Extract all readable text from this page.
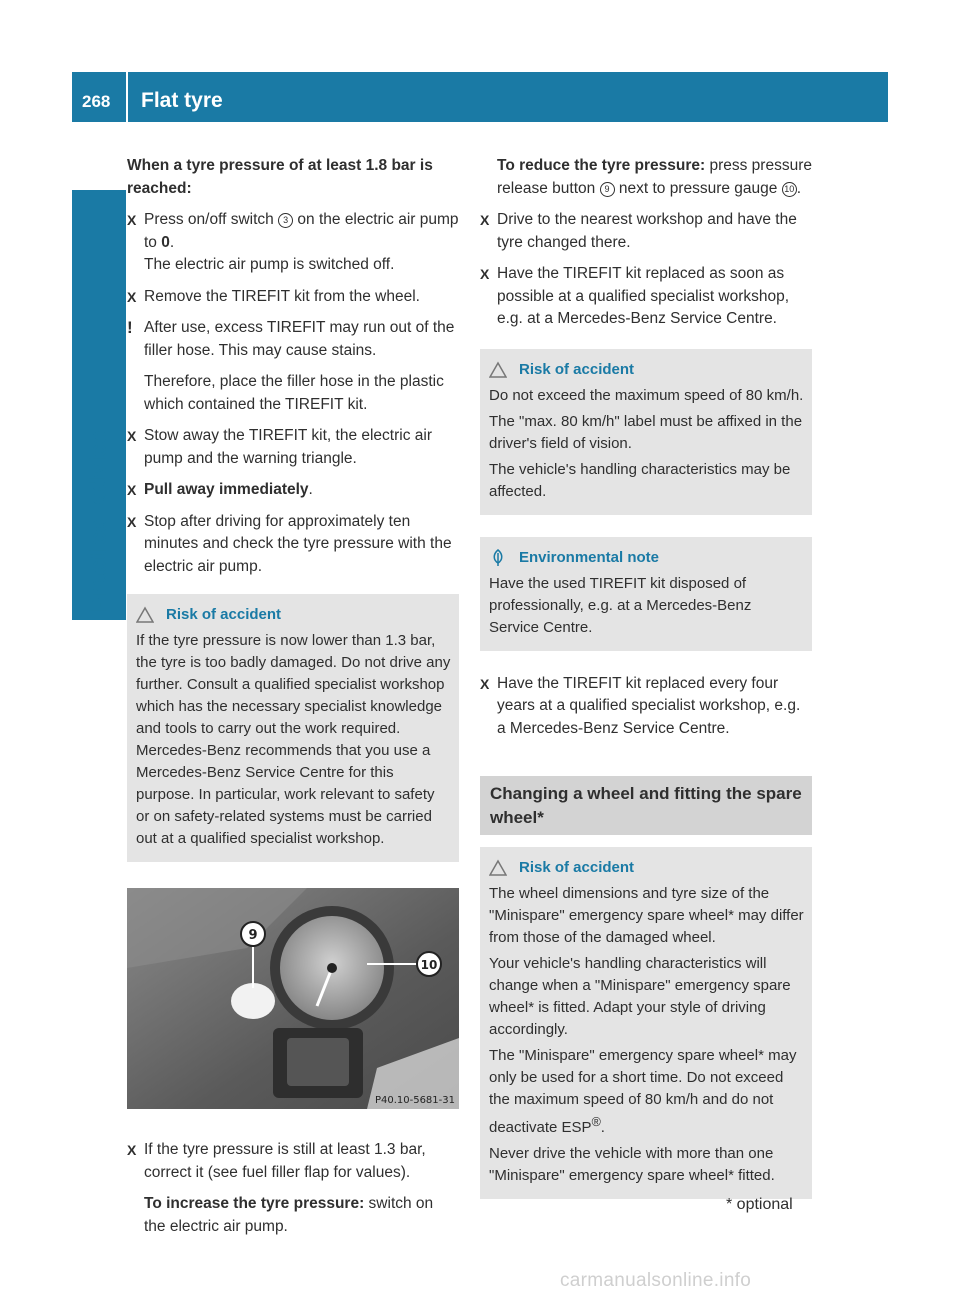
268 Flat tyre
Practical advice

When a tyre pressure of at least 1.8 bar is reached:

X Press on/off switch 3 on the electric air pump to 0.
The electric air pump is switched off.
X Remove the TIREFIT kit from the wheel.
! After use, excess TIREFIT may run out of the filler hose. This may cause stains.

Therefore, place the filler hose in the plastic which contained the TIREFIT kit.

X Stow away the TIREFIT kit, the electric air pump and the warning triangle.
X Pull away immediately.
X Stop after driving for approximately ten minutes and check the tyre pressure with the electric air pump.
Risk of accident

If the tyre pressure is now lower than 1.3 bar, the tyre is too badly damaged. Do not drive any further. Consult a qualified specialist workshop which has the necessary specialist knowledge and tools to carry out the work required. Mercedes-Benz recommends that you use a Mercedes-Benz Service Centre for this purpose. In particular, work relevant to safety or on safety-related systems must be carried out at a qualified specialist workshop.

9
10
P40.10-5681-31
X If the tyre pressure is still at least 1.3 bar, correct it (see fuel filler flap for values).

To increase the tyre pressure: switch on the electric air pump.

To reduce the tyre pressure: press pressure release button 9 next to pressure gauge 10 .

X Drive to the nearest workshop and have the tyre changed there.
X Have the TIREFIT kit replaced as soon as possible at a qualified specialist workshop, e.g. at a Mercedes-Benz Service Centre.
Risk of accident

Do not exceed the maximum speed of 80 km/h.

The "max. 80 km/h" label must be affixed in the driver's field of vision.

The vehicle's handling characteristics may be affected.

Environmental note

Have the used TIREFIT kit disposed of professionally, e.g. at a Mercedes-Benz Service Centre.

X Have the TIREFIT kit replaced every four years at a qualified specialist workshop, e.g. a Mercedes-Benz Service Centre.
Changing a wheel and fitting the spare wheel*
Risk of accident

The wheel dimensions and tyre size of the "Minispare" emergency spare wheel* may differ from those of the damaged wheel.

Your vehicle's handling characteristics will change when a "Minispare" emergency spare wheel* is fitted. Adapt your style of driving accordingly.

The "Minispare" emergency spare wheel* may only be used for a short time. Do not exceed the maximum speed of 80 km/h and do not deactivate ESP®.

Never drive the vehicle with more than one "Minispare" emergency spare wheel* fitted.

* optional
carmanualsonline.info
